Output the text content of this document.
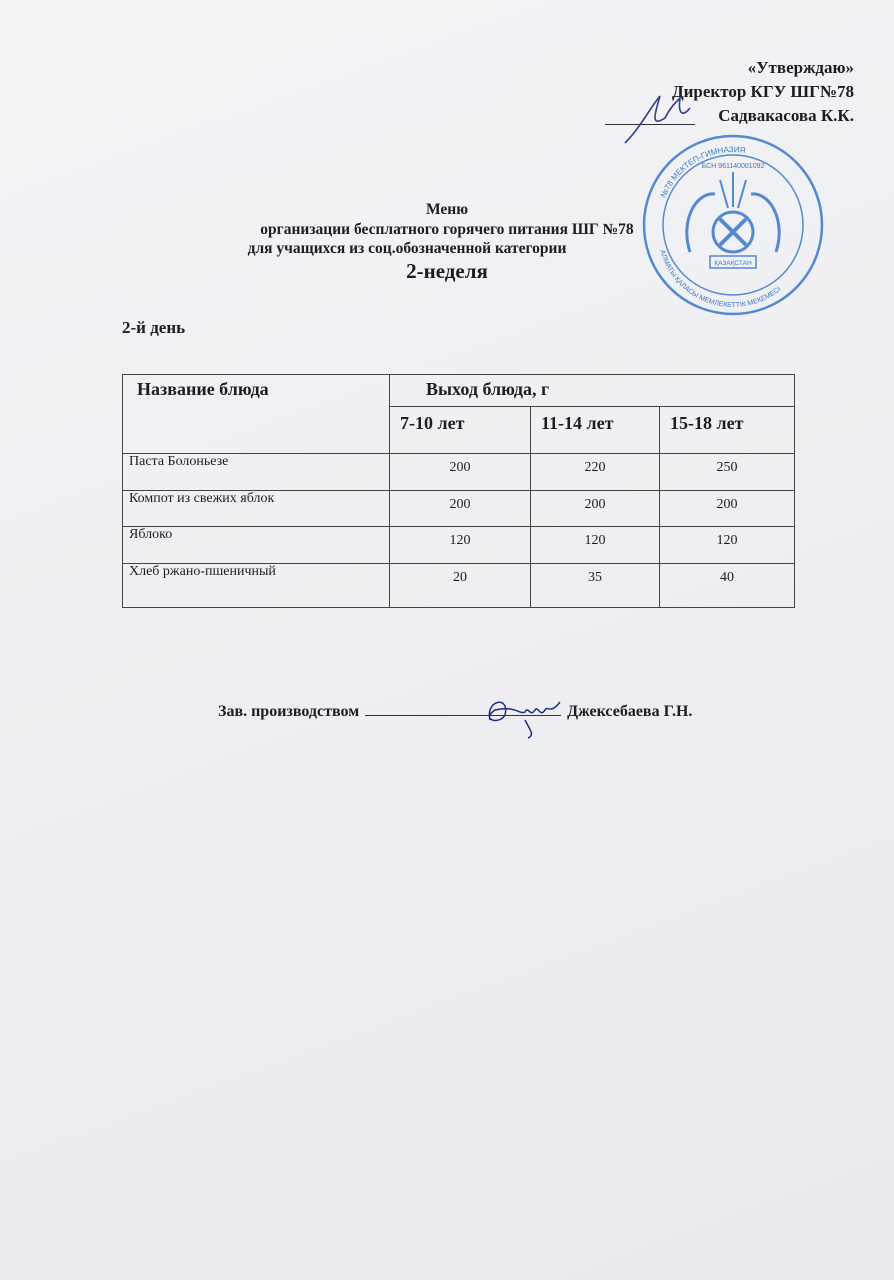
№78 МЕКТЕП-ГИМНАЗИЯ
АЛМАТЫ ҚАЛАСЫ МЕМЛЕКЕТТІК МЕКЕМЕСІ
БСН 961140001092
ҚАЗАҚСТАН
«Утверждаю»
Директор КГУ ШГ№78
Садвакасова К.К.
Меню
организации бесплатного горячего питания ШГ №78
для учащихся из соц.обозначенной категории
2-неделя
2-й день
Название блюда	Выход блюда, г		
	7-10 лет	11-14 лет	15-18 лет
Паста Болоньезе	200	220	250
Компот из свежих яблок	200	200	200
Яблоко	120	120	120
Хлеб ржано-пшеничный	20	35	40
Зав. производством	Джексебаева Г.Н.
